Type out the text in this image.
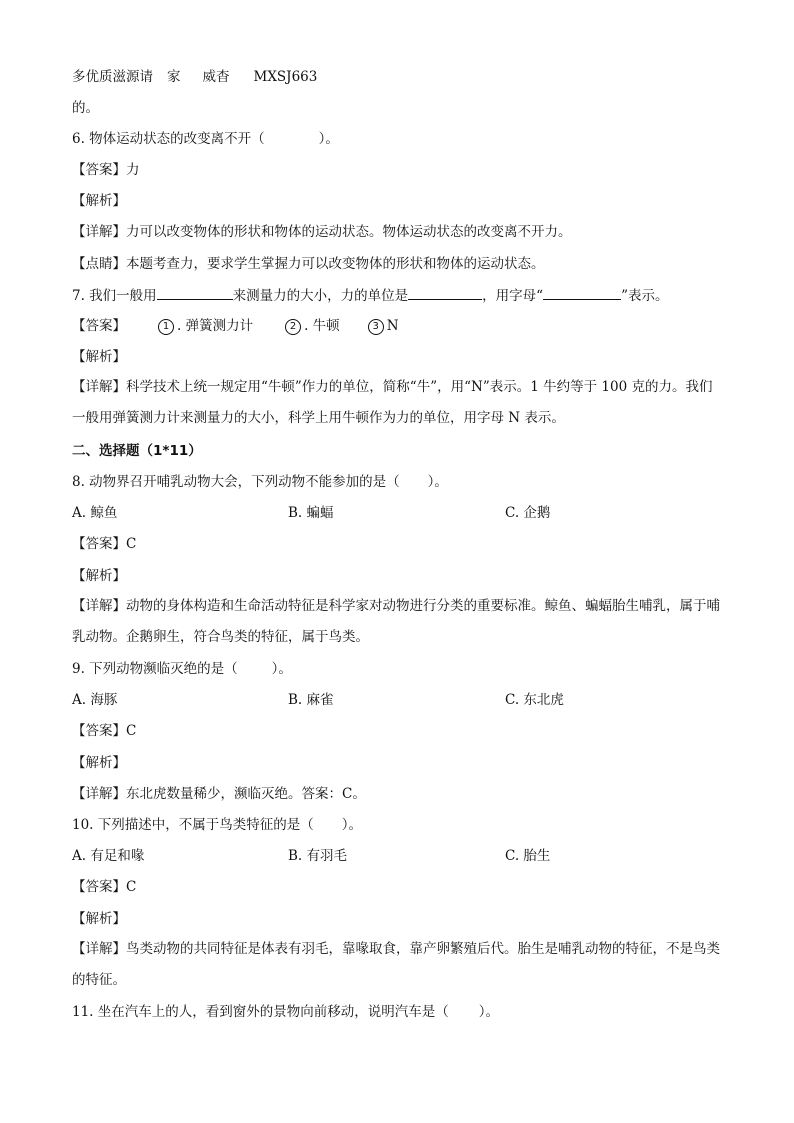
多优质滋源请 家 威杳 MXSJ663
的。
6. 物体运动状态的改变离不开（	）。
【答案】力
【解析】
【详解】力可以改变物体的形状和物体的运动状态。物体运动状态的改变离不开力。
【点睛】本题考查力，要求学生掌握力可以改变物体的形状和物体的运动状态。
7. 我们一般用	来测量力的大小，力的单位是	，用字母“	”表示。
【答案】	1 . 弹簧测力计	2 . 牛顿	3 N
【解析】
【详解】科学技术上统一规定用“牛顿”作力的单位，简称“牛”，用“N”表示。1 牛约等于 100 克的力。我们一般用弹簧测力计来测量力的大小，科学上用牛顿作为力的单位，用字母 N 表示。
二、选择题（1*11）
8. 动物界召开哺乳动物大会，下列动物不能参加的是（ ）。
A. 鲸鱼	B. 蝙蝠	C. 企鹅
【答案】C
【解析】
【详解】动物的身体构造和生命活动特征是科学家对动物进行分类的重要标准。鲸鱼、蝙蝠胎生哺乳，属于哺乳动物。企鹅卵生，符合鸟类的特征，属于鸟类。
9. 下列动物濒临灭绝的是（	）。
A. 海豚	B. 麻雀	C. 东北虎
【答案】C
【解析】
【详解】东北虎数量稀少，濒临灭绝。答案：C。
10. 下列描述中，不属于鸟类特征的是（ ）。
A. 有足和喙	B. 有羽毛	C. 胎生
【答案】C
【解析】
【详解】鸟类动物的共同特征是体表有羽毛，靠喙取食，靠产卵繁殖后代。胎生是哺乳动物的特征，不是鸟类的特征。
11. 坐在汽车上的人，看到窗外的景物向前移动，说明汽车是（ ）。
